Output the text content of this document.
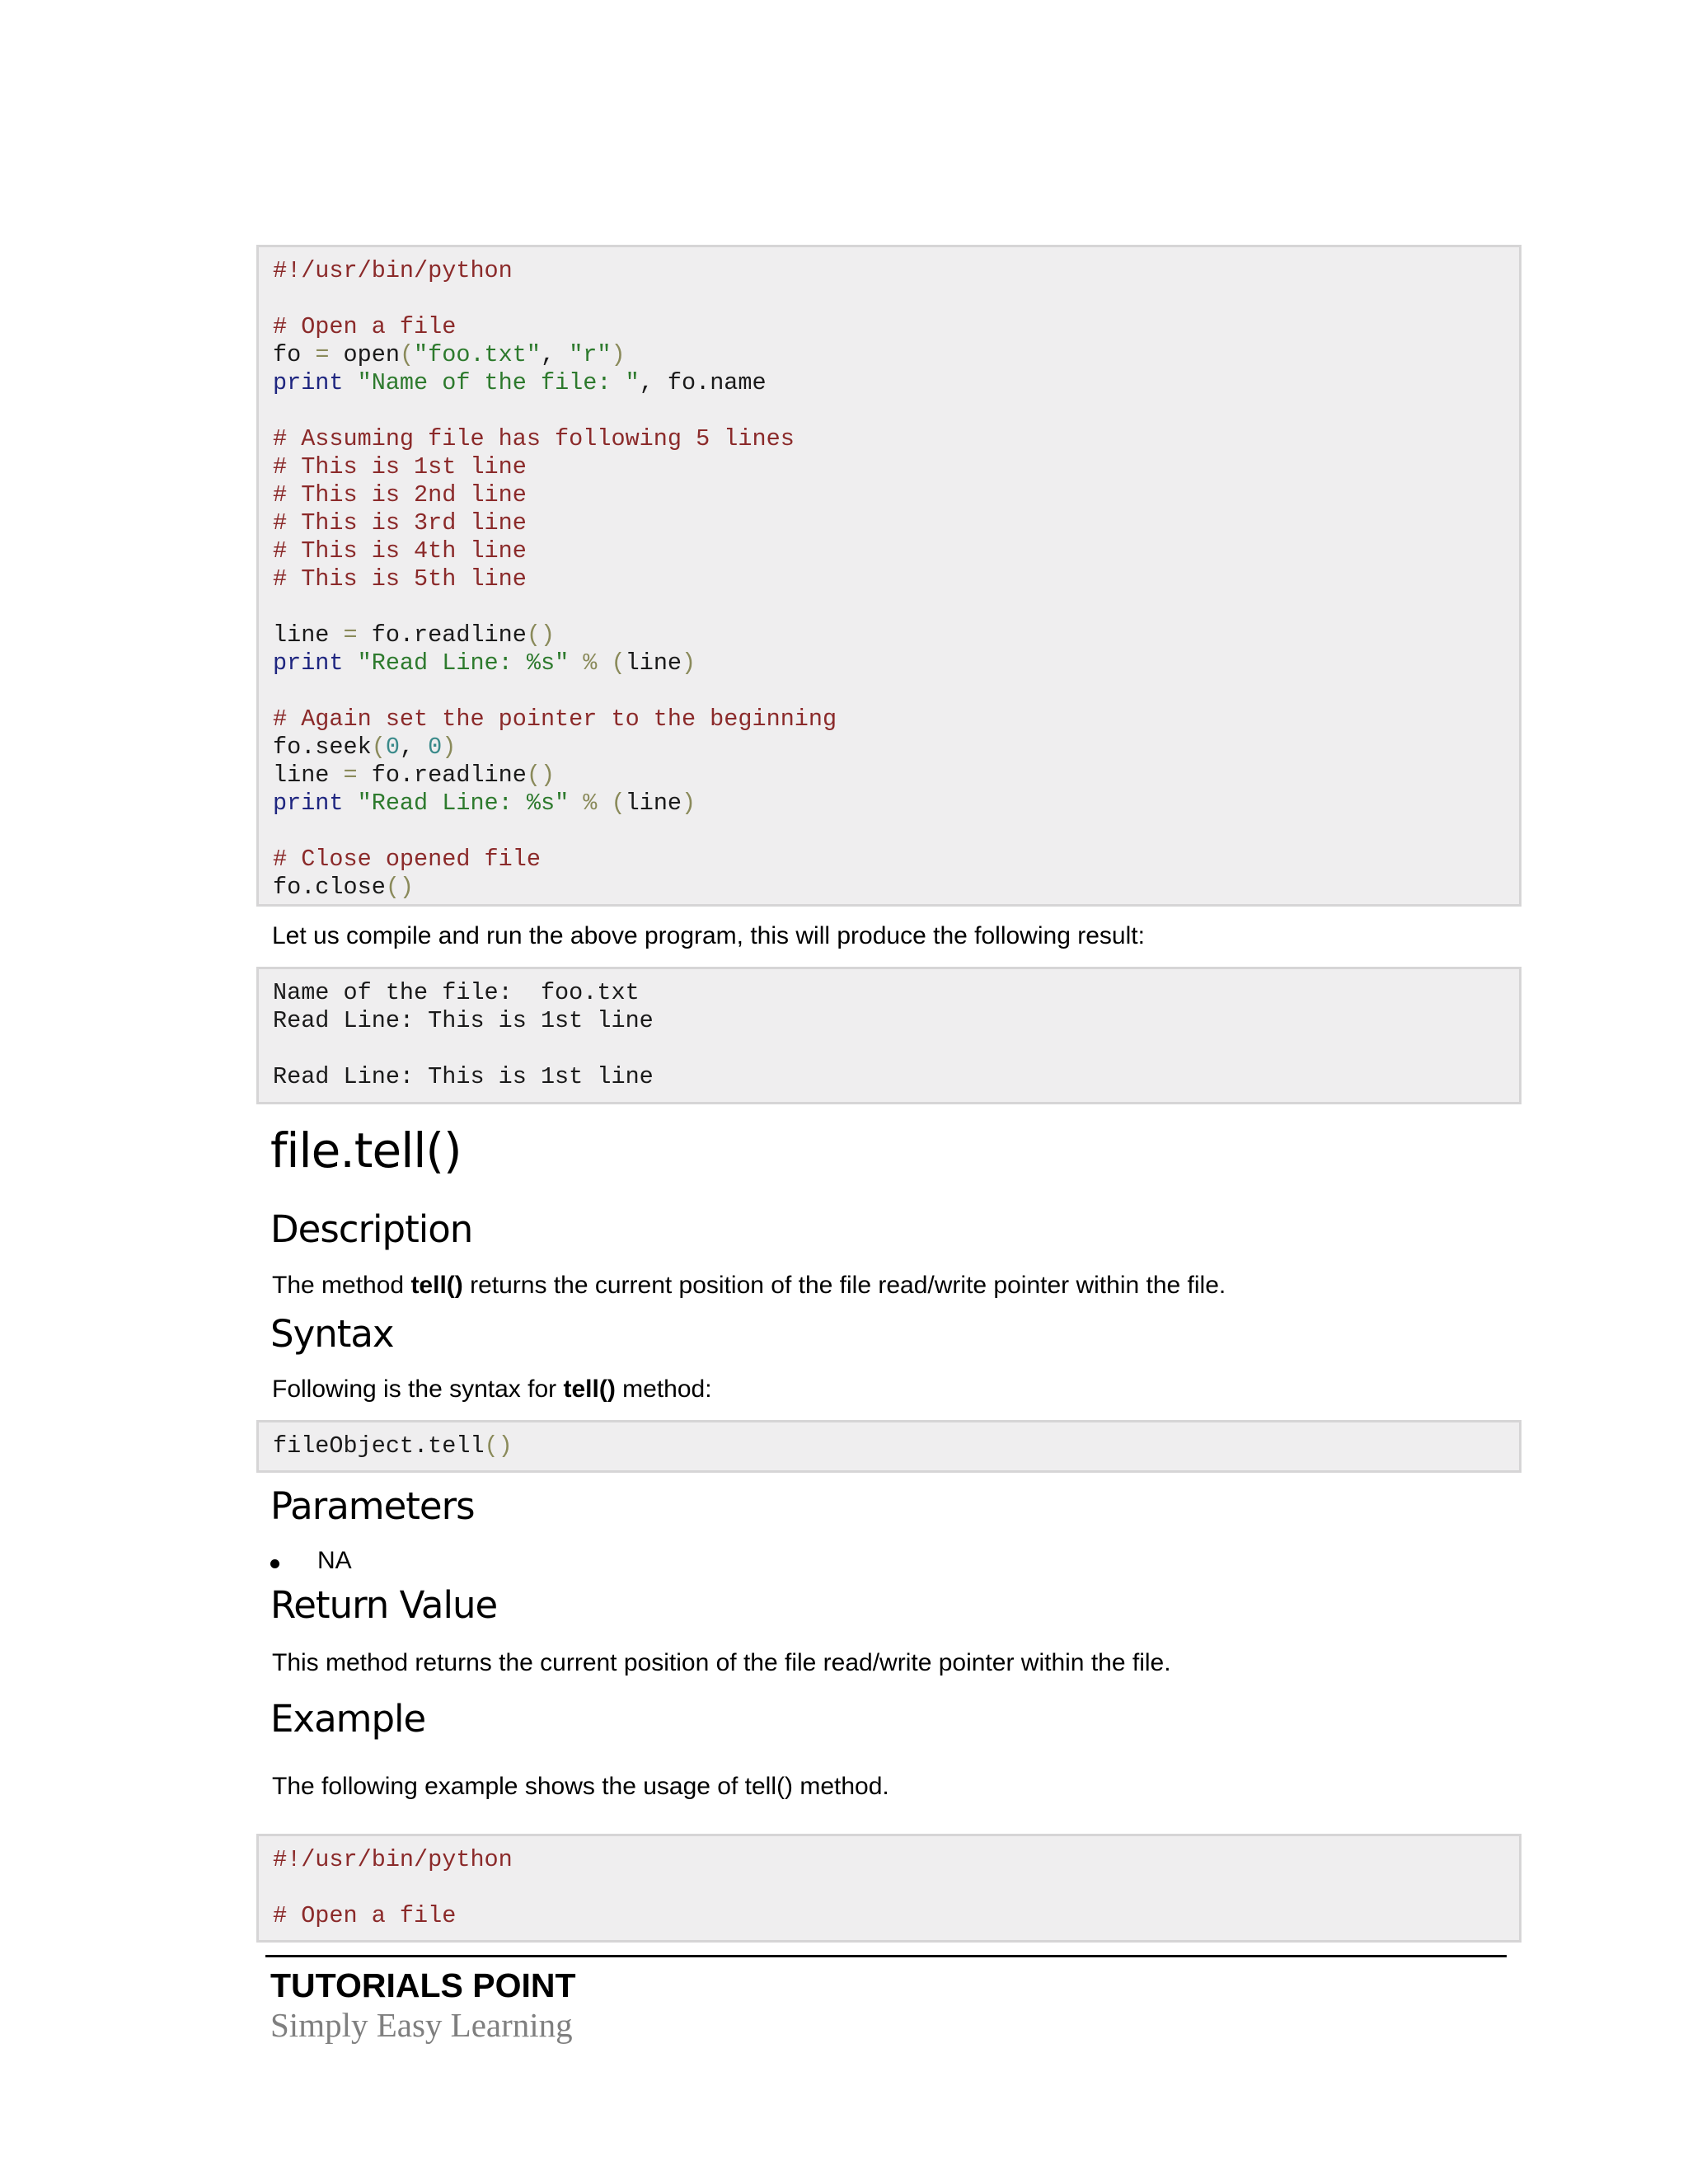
#!/usr/bin/python
# Open a file
fo = open("foo.txt", "r")
print "Name of the file: ", fo.name
# Assuming file has following 5 lines
# This is 1st line
# This is 2nd line
# This is 3rd line
# This is 4th line
# This is 5th line
line = fo.readline()
print "Read Line: %s" % (line)
# Again set the pointer to the beginning
fo.seek(0, 0)
line = fo.readline()
print "Read Line: %s" % (line)
# Close opened file
fo.close()

Let us compile and run the above program, this will produce the following result:

Name of the file:  foo.txt
Read Line: This is 1st line
Read Line: This is 1st line
file.tell()
Description

The method tell() returns the current position of the file read/write pointer within the file.

Syntax

Following is the syntax for tell() method:

fileObject.tell()
Parameters
NA
Return Value

This method returns the current position of the file read/write pointer within the file.

Example

The following example shows the usage of tell() method.

#!/usr/bin/python
# Open a file

TUTORIALS POINT

Simply Easy Learning
